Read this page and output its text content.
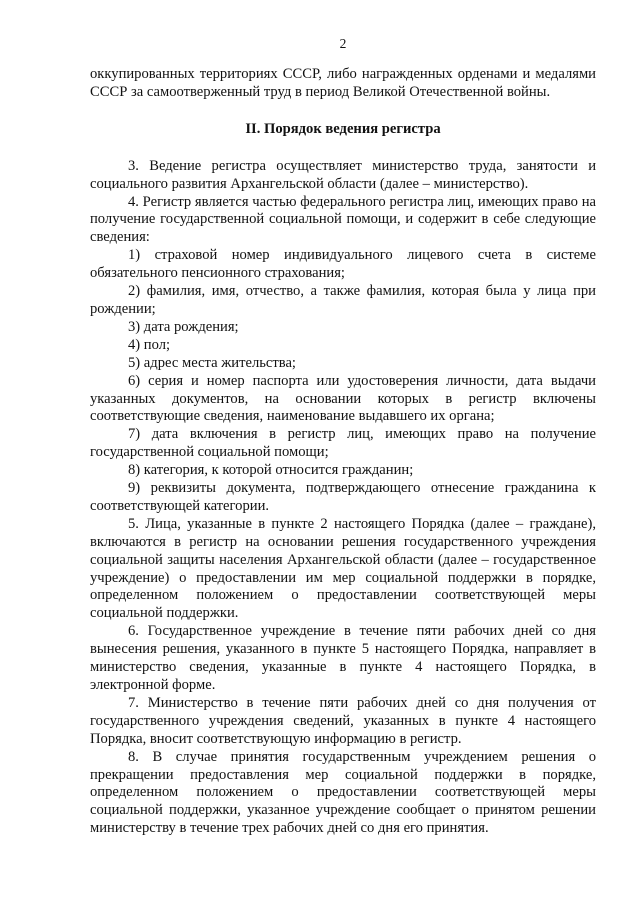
2

оккупированных территориях СССР, либо награжденных орденами и медалями СССР за самоотверженный труд в период Великой Отечественной войны.

II. Порядок ведения регистра

3. Ведение регистра осуществляет министерство труда, занятости и социального развития Архангельской области (далее – министерство).

4. Регистр является частью федерального регистра лиц, имеющих право на получение государственной социальной помощи, и содержит в себе следующие сведения:

1) страховой номер индивидуального лицевого счета в системе обязательного пенсионного страхования;

2) фамилия, имя, отчество, а также фамилия, которая была у лица при рождении;

3) дата рождения;

4) пол;

5) адрес места жительства;

6) серия и номер паспорта или удостоверения личности, дата выдачи указанных документов, на основании которых в регистр включены соответствующие сведения, наименование выдавшего их органа;

7) дата включения в регистр лиц, имеющих право на получение государственной социальной помощи;

8) категория, к которой относится гражданин;

9) реквизиты документа, подтверждающего отнесение гражданина к соответствующей категории.

5. Лица, указанные в пункте 2 настоящего Порядка (далее – граждане), включаются в регистр на основании решения государственного учреждения социальной защиты населения Архангельской области (далее – государственное учреждение) о предоставлении им мер социальной поддержки в порядке, определенном положением о предоставлении соответствующей меры социальной поддержки.

6. Государственное учреждение в течение пяти рабочих дней со дня вынесения решения, указанного в пункте 5 настоящего Порядка, направляет в министерство сведения, указанные в пункте 4 настоящего Порядка, в электронной форме.

7. Министерство в течение пяти рабочих дней со дня получения от государственного учреждения сведений, указанных в пункте 4 настоящего Порядка, вносит соответствующую информацию в регистр.

8. В случае принятия государственным учреждением решения о прекращении предоставления мер социальной поддержки в порядке, определенном положением о предоставлении соответствующей меры социальной поддержки, указанное учреждение сообщает о принятом решении министерству в течение трех рабочих дней со дня его принятия.
